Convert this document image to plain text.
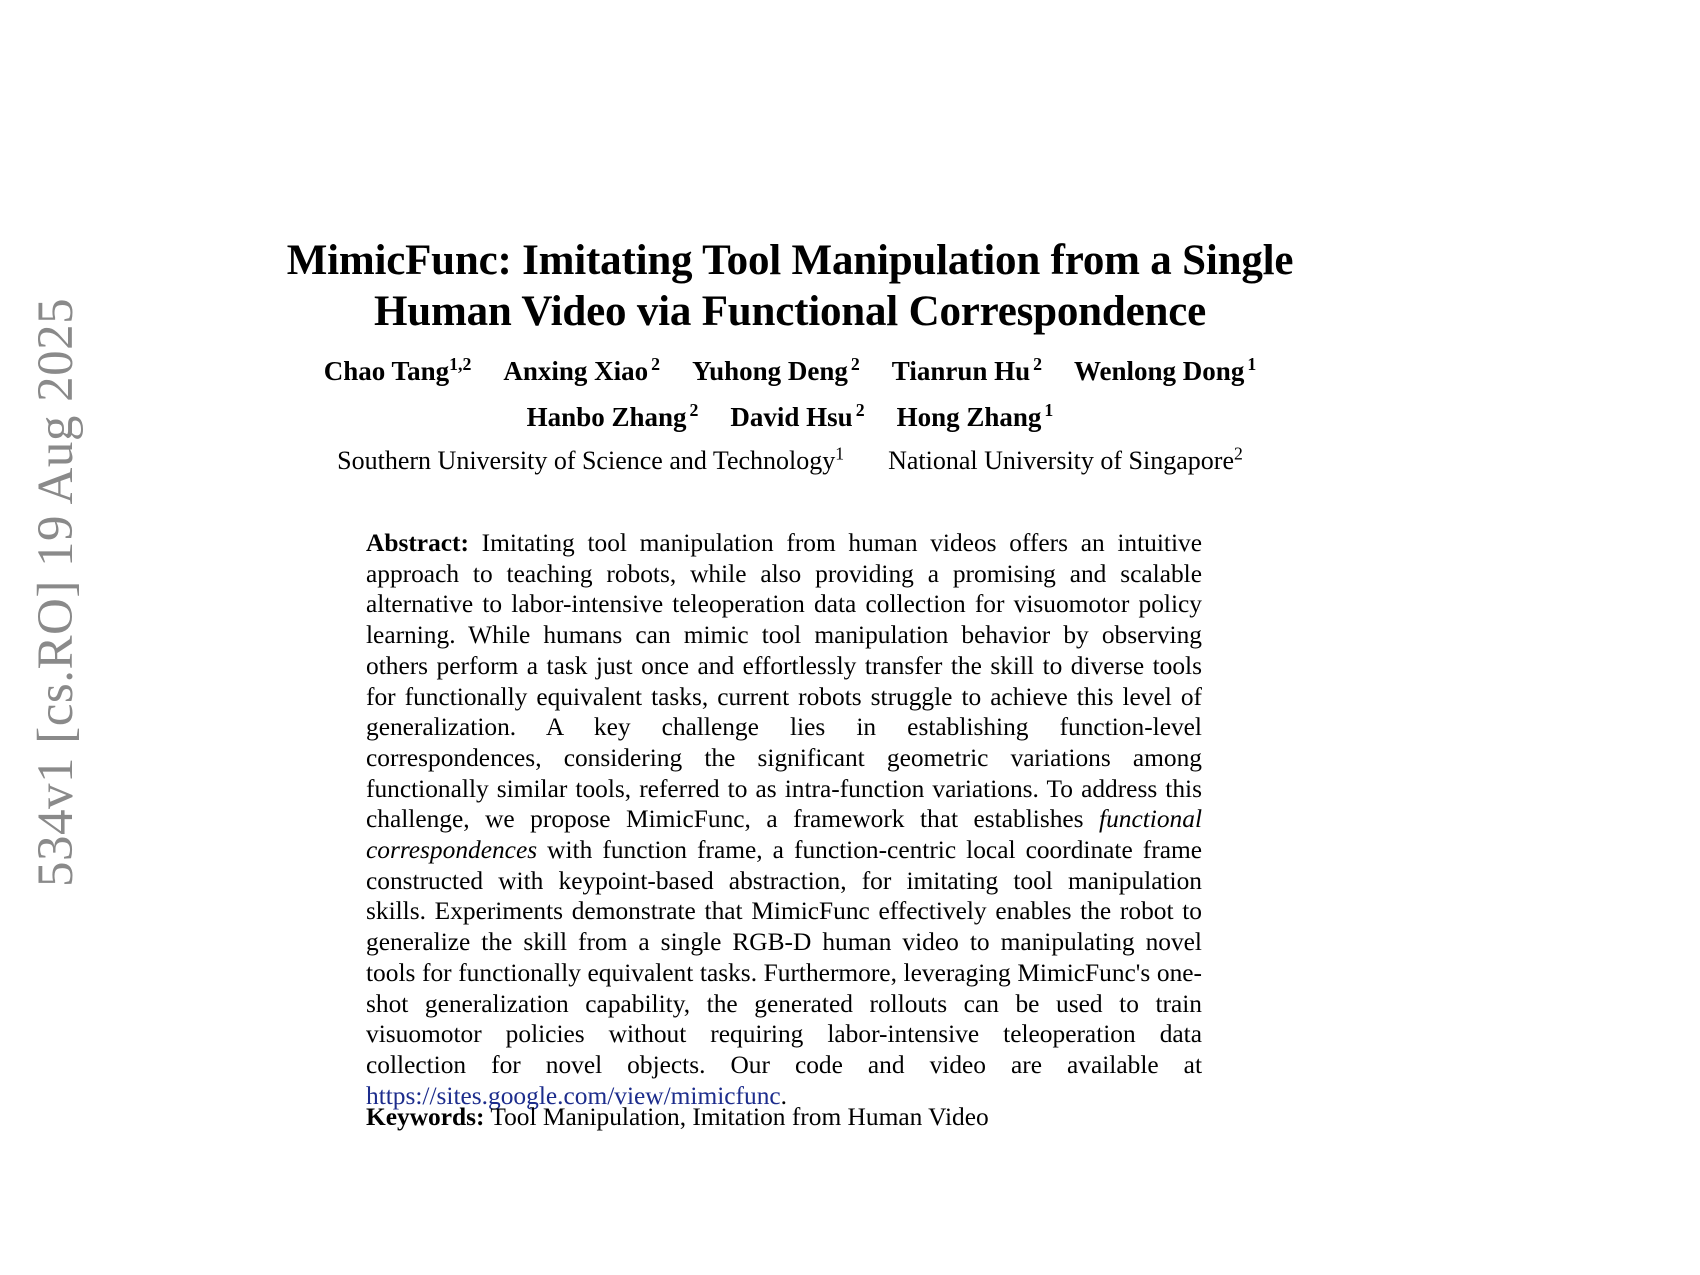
534v1 [cs.RO] 19 Aug 2025
MimicFunc: Imitating Tool Manipulation from a Single Human Video via Functional Correspondence
Chao Tang$^{1,2}$ Anxing Xiao $^2$ Yuhong Deng $^2$ Tianrun Hu $^2$ Wenlong Dong $^1$
Hanbo Zhang $^2$ David Hsu $^2$ Hong Zhang $^1$
Southern University of Science and Technology$^1$ National University of Singapore$^2$
Abstract: Imitating tool manipulation from human videos offers an intuitive approach to teaching robots, while also providing a promising and scalable alternative to labor-intensive teleoperation data collection for visuomotor policy learning. While humans can mimic tool manipulation behavior by observing others perform a task just once and effortlessly transfer the skill to diverse tools for functionally equivalent tasks, current robots struggle to achieve this level of generalization. A key challenge lies in establishing function-level correspondences, considering the significant geometric variations among functionally similar tools, referred to as intra-function variations. To address this challenge, we propose MimicFunc, a framework that establishes functional correspondences with function frame, a function-centric local coordinate frame constructed with keypoint-based abstraction, for imitating tool manipulation skills. Experiments demonstrate that MimicFunc effectively enables the robot to generalize the skill from a single RGB-D human video to manipulating novel tools for functionally equivalent tasks. Furthermore, leveraging MimicFunc's one-shot generalization capability, the generated rollouts can be used to train visuomotor policies without requiring labor-intensive teleoperation data collection for novel objects. Our code and video are available at https://sites.google.com/view/mimicfunc.
Keywords: Tool Manipulation, Imitation from Human Video
